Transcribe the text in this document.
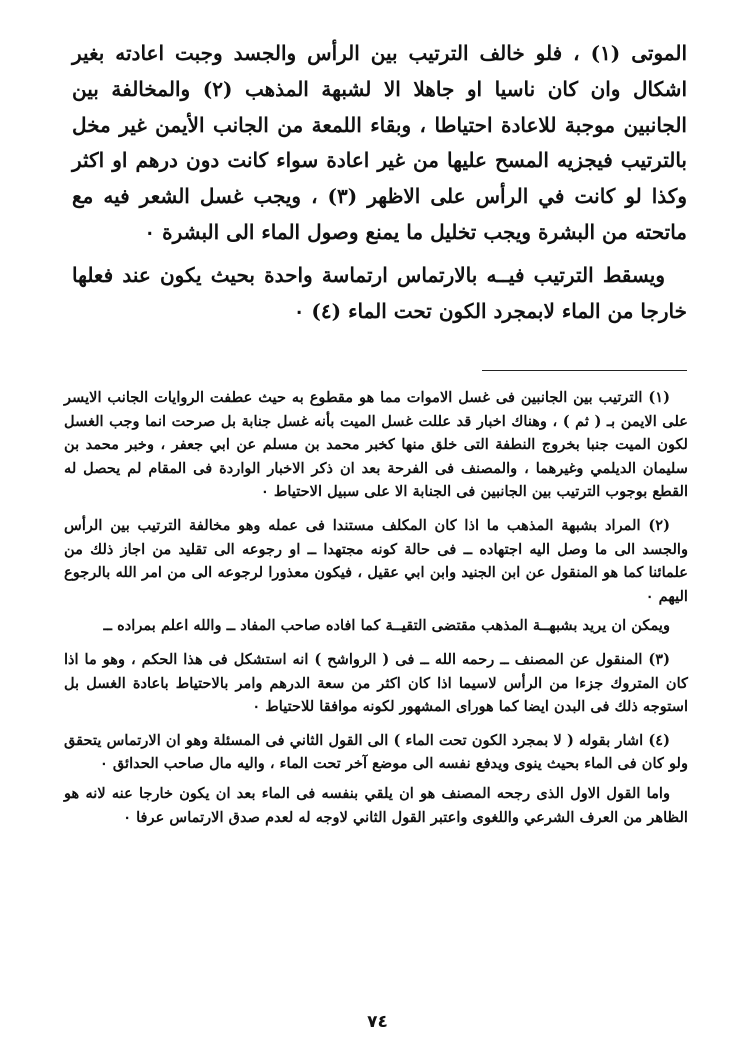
الموتى (١) ، فلو خالف الترتيب بين الرأس والجسد وجبت اعادته بغير اشكال وان كان ناسيا او جاهلا الا لشبهة المذهب (٢) والمخالفة بين الجانبين موجبة للاعادة احتياطا ، وبقاء اللمعة من الجانب الأيمن غير مخل بالترتيب فيجزيه المسح عليها من غير اعادة سواء كانت دون درهم او اكثر وكذا لو كانت في الرأس على الاظهر (٣) ، ويجب غسل الشعر فيه مع ماتحته من البشرة ويجب تخليل ما يمنع وصول الماء الى البشرة ٠

ويسقط الترتيب فيــه بالارتماس ارتماسة واحدة بحيث يكون عند فعلها خارجا من الماء لابمجرد الكون تحت الماء (٤) ٠

(١) الترتيب بين الجانبين فى غسل الاموات مما هو مقطوع به حيث عطفت الروايات الجانب الايسر على الايمن بـ ( ثم ) ، وهناك اخبار قد عللت غسل الميت بأنه غسل جنابة بل صرحت انما وجب الغسل لكون الميت جنبا بخروج النطفة التى خلق منها كخبر محمد بن مسلم عن ابي جعفر ، وخبر محمد بن سليمان الديلمي وغيرهما ، والمصنف فى الفرحة بعد ان ذكر الاخبار الواردة فى المقام لم يحصل له القطع بوجوب الترتيب بين الجانبين فى الجنابة الا على سبيل الاحتياط ٠

(٢) المراد بشبهة المذهب ما اذا كان المكلف مستندا فى عمله وهو مخالفة الترتيب بين الرأس والجسد الى ما وصل اليه اجتهاده ــ فى حالة كونه مجتهدا ــ او رجوعه الى تقليد من اجاز ذلك من علمائنا كما هو المنقول عن ابن الجنيد وابن ابي عقيل ، فيكون معذورا لرجوعه الى من امر الله بالرجوع اليهم ٠

ويمكن ان يريد بشبهــة المذهب مقتضى التقيــة كما افاده صاحب المفاد ــ والله اعلم بمراده ــ

(٣) المنقول عن المصنف ــ رحمه الله ــ فى ( الرواشح ) انه استشكل فى هذا الحكم ، وهو ما اذا كان المتروك جزءا من الرأس لاسيما اذا كان اكثر من سعة الدرهم وامر بالاحتياط باعادة الغسل بل استوجه ذلك فى البدن ايضا كما هورای المشهور لكونه موافقا للاحتياط ٠

(٤) اشار بقوله ( لا بمجرد الكون تحت الماء ) الى القول الثاني فى المسئلة وهو ان الارتماس يتحقق ولو كان فى الماء بحيث ينوى ويدفع نفسه الى موضع آخر تحت الماء ، واليه مال صاحب الحدائق ٠

واما القول الاول الذى رجحه المصنف هو ان يلقي بنفسه فى الماء بعد ان يكون خارجا عنه لانه هو الظاهر من العرف الشرعي واللغوى واعتبر القول الثاني لاوجه له لعدم صدق الارتماس عرفا ٠

٧٤
